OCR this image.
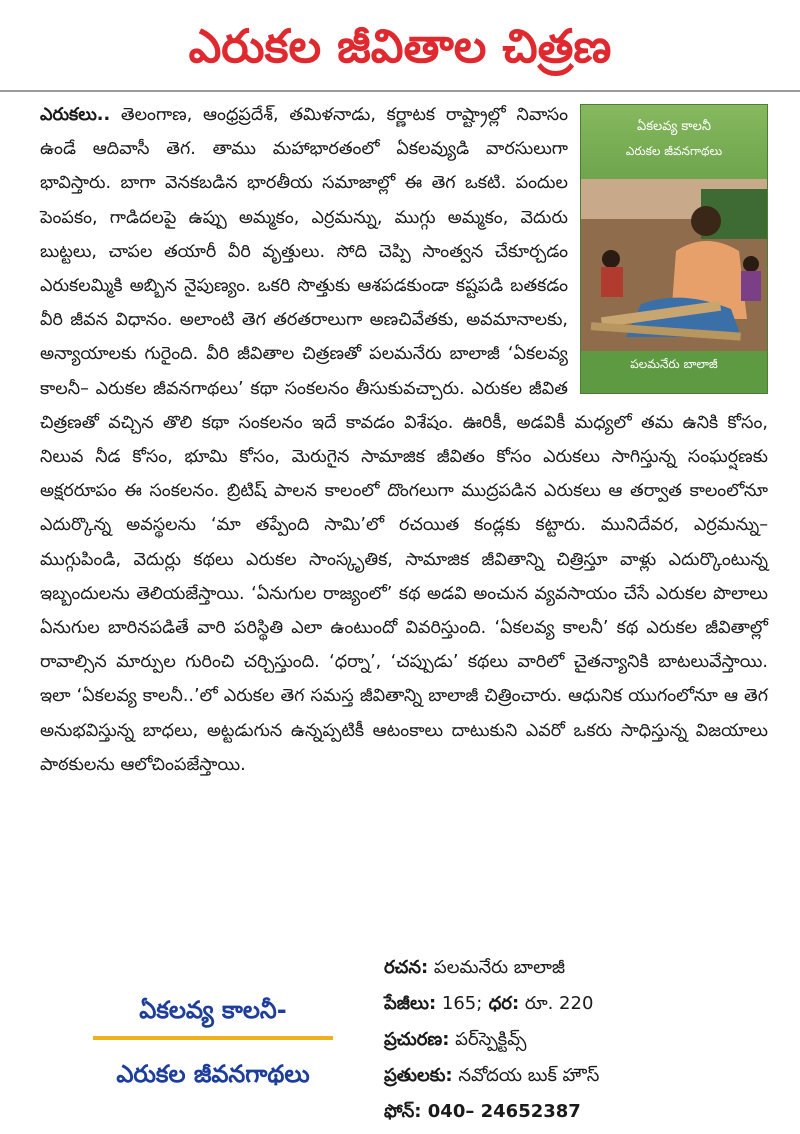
ఎరుకల జీవితాల చిత్రణ
ఏకలవ్య కాలనీ
ఎరుకల జీవనగాథలు
పలమనేరు బాలాజీ
ఎరుకలు.. తెలంగాణ, ఆంధ్రప్రదేశ్, తమిళనాడు, కర్ణాటక రాష్ట్రాల్లో నివాసం ఉండే ఆదివాసీ తెగ. తాము మహాభారతంలో ఏకలవ్యుడి వారసులుగా భావిస్తారు. బాగా వెనకబడిన భారతీయ సమాజాల్లో ఈ తెగ ఒకటి. పందుల పెంపకం, గాడిదలపై ఉప్పు అమ్మకం, ఎర్రమన్ను, ముగ్గు అమ్మకం, వెదురు బుట్టలు, చాపల తయారీ వీరి వృత్తులు. సోది చెప్పి సాంత్వన చేకూర్చడం ఎరుకలమ్మికి అబ్బిన నైపుణ్యం. ఒకరి సొత్తుకు ఆశపడకుండా కష్టపడి బతకడం వీరి జీవన విధానం. అలాంటి తెగ తరతరాలుగా అణచివేతకు, అవమానాలకు, అన్యాయాలకు గురైంది. వీరి జీవితాల చిత్రణతో పలమనేరు బాలాజీ ‘ఏకలవ్య కాలనీ– ఎరుకల జీవనగాథలు’ కథా సంకలనం తీసుకువచ్చారు. ఎరుకల జీవిత చిత్రణతో వచ్చిన తొలి కథా సంకలనం ఇదే కావడం విశేషం. ఊరికీ, అడవికీ మధ్యలో తమ ఉనికి కోసం, నిలువ నీడ కోసం, భూమి కోసం, మెరుగైన సామాజిక జీవితం కోసం ఎరుకలు సాగిస్తున్న సంఘర్షణకు అక్షరరూపం ఈ సంకలనం. బ్రిటిష్ పాలన కాలంలో దొంగలుగా ముద్రపడిన ఎరుకలు ఆ తర్వాత కాలంలోనూ ఎదుర్కొన్న అవస్థలను ‘మా తప్పేంది సామి’లో రచయిత కండ్లకు కట్టారు. మునిదేవర, ఎర్రమన్ను– ముగ్గుపిండి, వెదుర్లు కథలు ఎరుకల సాంస్కృతిక, సామాజిక జీవితాన్ని చిత్రిస్తూ వాళ్లు ఎదుర్కొంటున్న ఇబ్బందులను తెలియజేస్తాయి. ‘ఏనుగుల రాజ్యంలో’ కథ అడవి అంచున వ్యవసాయం చేసే ఎరుకల పొలాలు ఏనుగుల బారినపడితే వారి పరిస్థితి ఎలా ఉంటుందో వివరిస్తుంది. ‘ఏకలవ్య కాలనీ’ కథ ఎరుకల జీవితాల్లో రావాల్సిన మార్పుల గురించి చర్చిస్తుంది. ‘ధర్నా’, ‘చప్పుడు’ కథలు వారిలో చైతన్యానికి బాటలువేస్తాయి. ఇలా ‘ఏకలవ్య కాలనీ..’లో ఎరుకల తెగ సమస్త జీవితాన్ని బాలాజీ చిత్రించారు. ఆధునిక యుగంలోనూ ఆ తెగ అనుభవిస్తున్న బాధలు, అట్టడుగున ఉన్నప్పటికీ ఆటంకాలు దాటుకుని ఎవరో ఒకరు సాధిస్తున్న విజయాలు పాఠకులను ఆలోచింపజేస్తాయి.
ఏకలవ్య కాలనీ-
ఎరుకల జీవనగాథలు
రచన: పలమనేరు బాలాజీ
పేజీలు: 165; ధర: రూ. 220
ప్రచురణ: పర్‌స్పెక్టివ్స్
ప్రతులకు: నవోదయ బుక్ హౌస్
ఫోన్: 040– 24652387
